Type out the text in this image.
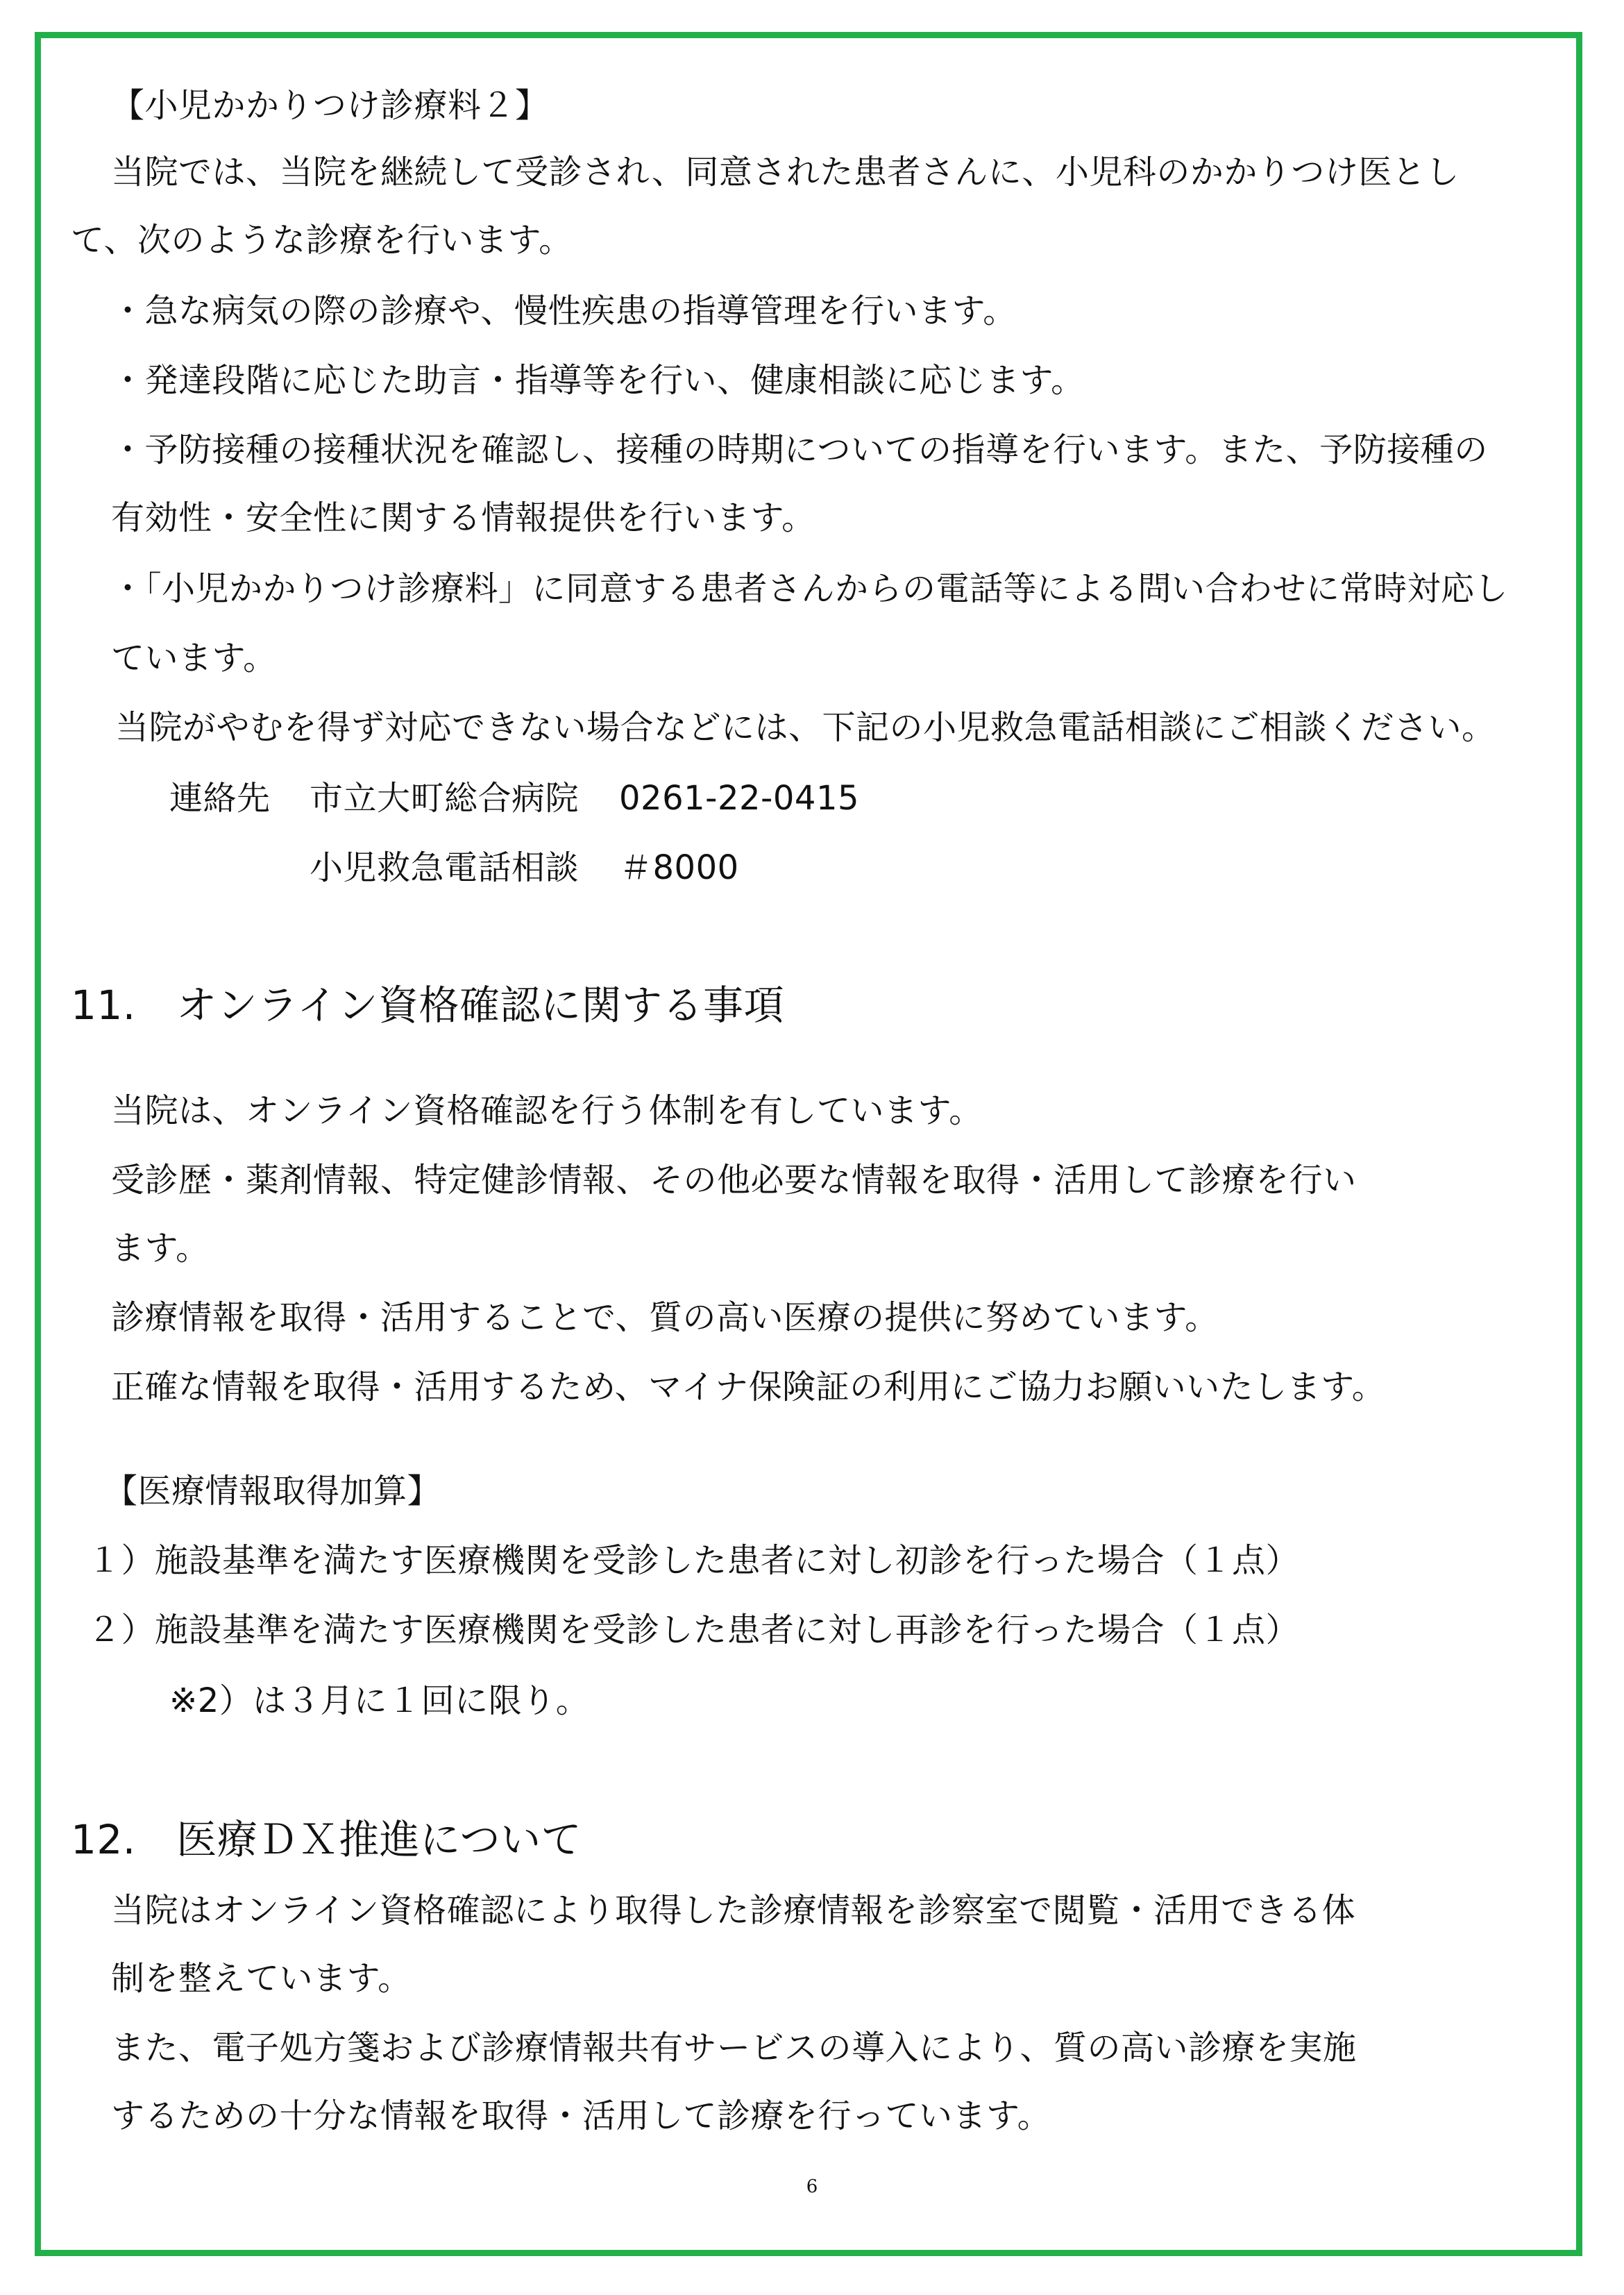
【小児かかりつけ診療料２】
当院では、当院を継続して受診され、同意された患者さんに、小児科のかかりつけ医とし
て、次のような診療を行います。
・急な病気の際の診療や、慢性疾患の指導管理を行います。
・発達段階に応じた助言・指導等を行い、健康相談に応じます。
・予防接種の接種状況を確認し、接種の時期についての指導を行います。また、予防接種の
有効性・安全性に関する情報提供を行います。
・「小児かかりつけ診療料」に同意する患者さんからの電話等による問い合わせに常時対応し
ています。
当院がやむを得ず対応できない場合などには、下記の小児救急電話相談にご相談ください。
連絡先 市立大町総合病院 0261-22-0415
小児救急電話相談 ＃8000
11.　オンライン資格確認に関する事項
当院は、オンライン資格確認を行う体制を有しています。
受診歴・薬剤情報、特定健診情報、その他必要な情報を取得・活用して診療を行い
ます。
診療情報を取得・活用することで、質の高い医療の提供に努めています。
正確な情報を取得・活用するため、マイナ保険証の利用にご協力お願いいたします。
【医療情報取得加算】
１）施設基準を満たす医療機関を受診した患者に対し初診を行った場合（１点）
２）施設基準を満たす医療機関を受診した患者に対し再診を行った場合（１点）
※2）は３月に１回に限り。
12.　医療ＤＸ推進について
当院はオンライン資格確認により取得した診療情報を診察室で閲覧・活用できる体
制を整えています。
また、電子処方箋および診療情報共有サービスの導入により、質の高い診療を実施
するための十分な情報を取得・活用して診療を行っています。
6
